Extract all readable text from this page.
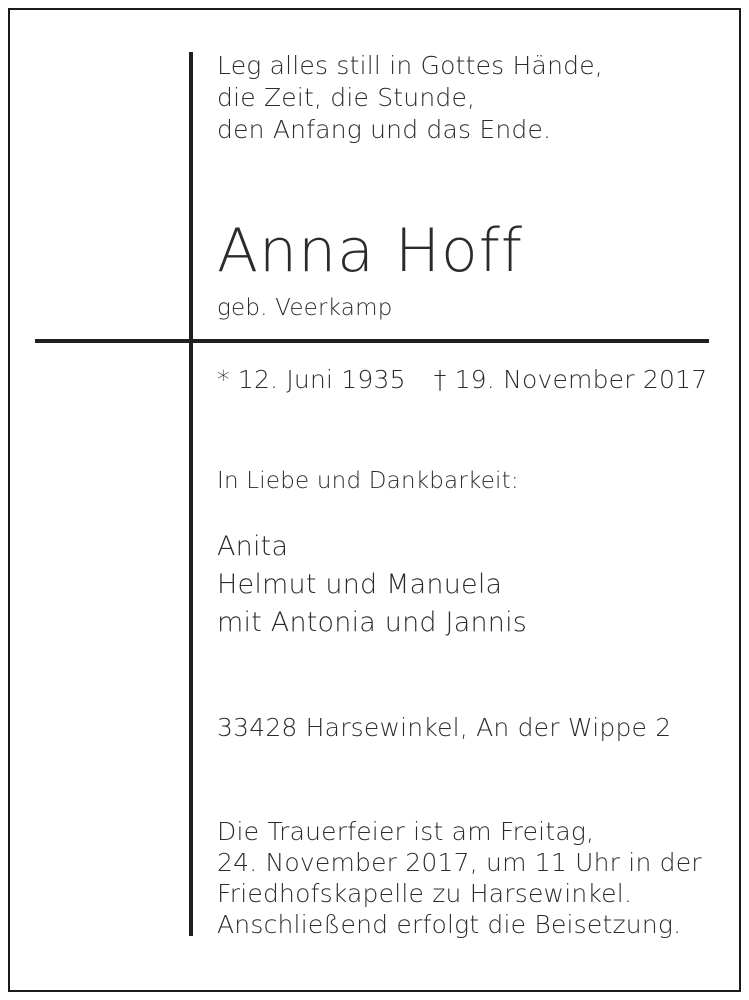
Leg alles still in Gottes Hände,
die Zeit, die Stunde,
den Anfang und das Ende.
Anna Hoff
geb. Veerkamp
* 12. Juni 1935 † 19. November 2017
In Liebe und Dankbarkeit:
Anita
Helmut und Manuela
mit Antonia und Jannis
33428 Harsewinkel, An der Wippe 2
Die Trauerfeier ist am Freitag,
24. November 2017, um 11 Uhr in der
Friedhofskapelle zu Harsewinkel.
Anschließend erfolgt die Beisetzung.
